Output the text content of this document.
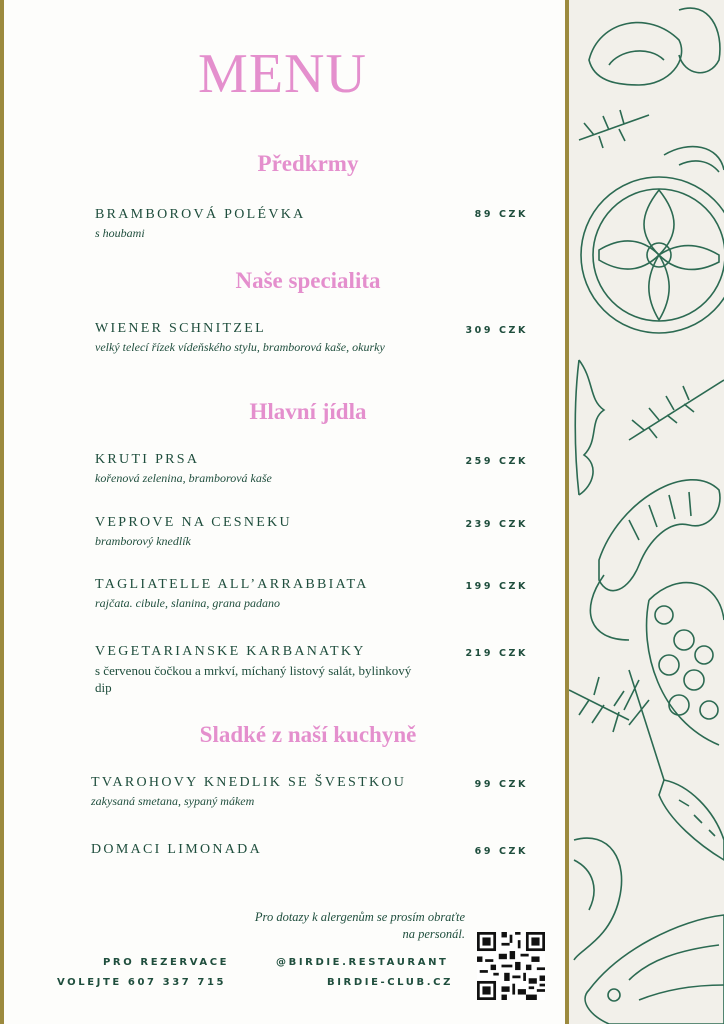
MENU
Předkrmy
BRAMBOROVÁ POLÉVKA
s houbami
89 CZK
Naše specialita
WIENER SCHNITZEL
velký telecí řízek vídeňského stylu, bramborová kaše, okurky
309 CZK
Hlavní jídla
KRUTI PRSA
kořenová zelenina, bramborová kaše
259 CZK
VEPROVE NA CESNEKU
bramborový knedlík
239 CZK
TAGLIATELLE ALL’ARRABBIATA
rajčata. cibule, slanina, grana padano
199 CZK
VEGETARIANSKE KARBANATKY
s červenou čočkou a mrkví, míchaný listový salát, bylinkový dip
219 CZK
Sladké z naší kuchyně
TVAROHOVY KNEDLIK SE ŠVESTKOU
zakysaná smetana, sypaný mákem
99 CZK
DOMACI LIMONADA	69 CZK
Pro dotazy k alergenům se prosím obraťte na personál.
PRO REZERVACE
VOLEJTE 607 337 715
@BIRDIE.RESTAURANT
BIRDIE-CLUB.CZ
